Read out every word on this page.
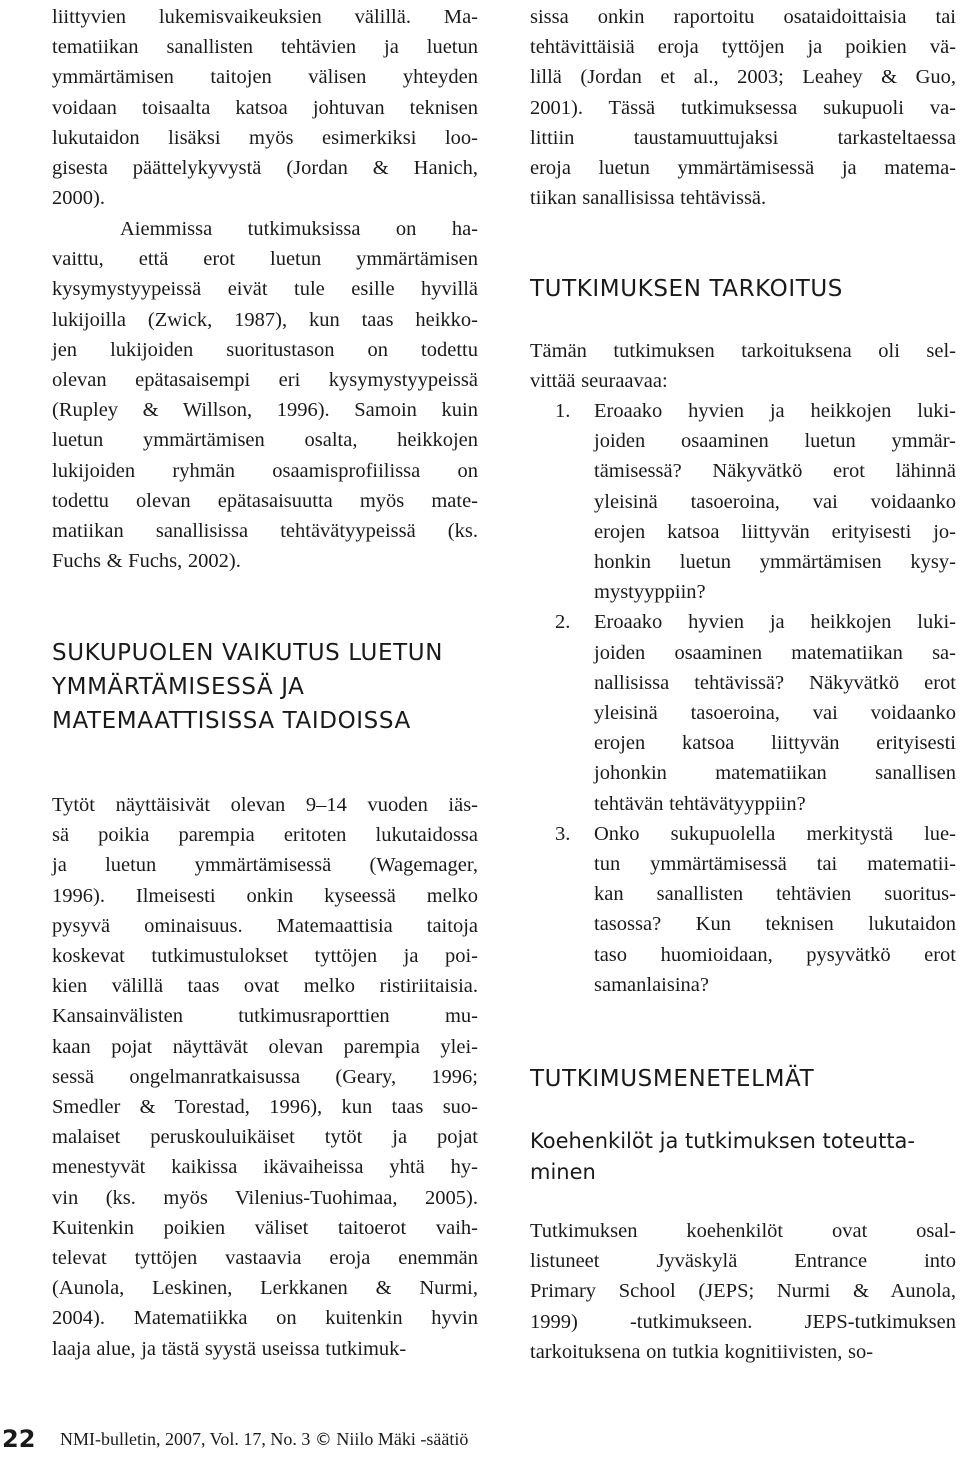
liittyvien lukemisvaikeuksien välillä. Ma-
tematiikan sanallisten tehtävien ja luetun
ymmärtämisen taitojen välisen yhteyden
voidaan toisaalta katsoa johtuvan teknisen
lukutaidon lisäksi myös esimerkiksi loo-
gisesta päättelykyvystä (Jordan & Hanich,
2000).

Aiemmissa tutkimuksissa on ha-
vaittu, että erot luetun ymmärtämisen
kysymystyypeissä eivät tule esille hyvillä
lukijoilla (Zwick, 1987), kun taas heikko-
jen lukijoiden suoritustason on todettu
olevan epätasaisempi eri kysymystyypeissä
(Rupley & Willson, 1996). Samoin kuin
luetun ymmärtämisen osalta, heikkojen
lukijoiden ryhmän osaamisprofiilissa on
todettu olevan epätasaisuutta myös mate-
matiikan sanallisissa tehtävätyypeissä (ks.
Fuchs & Fuchs, 2002).

SUKUPUOLEN VAIKUTUS LUETUN
YMMÄRTÄMISESSÄ JA
MATEMAATTISISSA TAIDOISSA

Tytöt näyttäisivät olevan 9–14 vuoden iäs-
sä poikia parempia eritoten lukutaidossa
ja luetun ymmärtämisessä (Wagemager,
1996). Ilmeisesti onkin kyseessä melko
pysyvä ominaisuus. Matemaattisia taitoja
koskevat tutkimustulokset tyttöjen ja poi-
kien välillä taas ovat melko ristiriitaisia.
Kansainvälisten tutkimusraporttien mu-
kaan pojat näyttävät olevan parempia ylei-
sessä ongelmanratkaisussa (Geary, 1996;
Smedler & Torestad, 1996), kun taas suo-
malaiset peruskouluikäiset tytöt ja pojat
menestyvät kaikissa ikävaiheissa yhtä hy-
vin (ks. myös Vilenius-Tuohimaa, 2005).
Kuitenkin poikien väliset taitoerot vaih-
televat tyttöjen vastaavia eroja enemmän
(Aunola, Leskinen, Lerkkanen & Nurmi,
2004). Matematiikka on kuitenkin hyvin
laaja alue, ja tästä syystä useissa tutkimuk-

sissa onkin raportoitu osataidoittaisia tai
tehtävittäisiä eroja tyttöjen ja poikien vä-
lillä (Jordan et al., 2003; Leahey & Guo,
2001). Tässä tutkimuksessa sukupuoli va-
littiin taustamuuttujaksi tarkasteltaessa
eroja luetun ymmärtämisessä ja matema-
tiikan sanallisissa tehtävissä.

TUTKIMUKSEN TARKOITUS

Tämän tutkimuksen tarkoituksena oli sel-
vittää seuraavaa:

1. Eroaako hyvien ja heikkojen luki-
joiden osaaminen luetun ymmär-
tämisessä? Näkyvätkö erot lähinnä
yleisinä tasoeroina, vai voidaanko
erojen katsoa liittyvän erityisesti jo-
honkin luetun ymmärtämisen kysy-
mystyyppiin?

2. Eroaako hyvien ja heikkojen luki-
joiden osaaminen matematiikan sa-
nallisissa tehtävissä? Näkyvätkö erot
yleisinä tasoeroina, vai voidaanko
erojen katsoa liittyvän erityisesti
johonkin matematiikan sanallisen
tehtävän tehtävätyyppiin?

3. Onko sukupuolella merkitystä lue-
tun ymmärtämisessä tai matematii-
kan sanallisten tehtävien suoritus-
tasossa? Kun teknisen lukutaidon
taso huomioidaan, pysyvätkö erot
samanlaisina?

TUTKIMUSMENETELMÄT
Koehenkilöt ja tutkimuksen toteutta-
minen

Tutkimuksen koehenkilöt ovat osal-
listuneet Jyväskylä Entrance into
Primary School (JEPS; Nurmi & Aunola,
1999) -tutkimukseen. JEPS-tutkimuksen
tarkoituksena on tutkia kognitiivisten, so-

22 NMI-bulletin, 2007, Vol. 17, No. 3 © Niilo Mäki -säätiö
